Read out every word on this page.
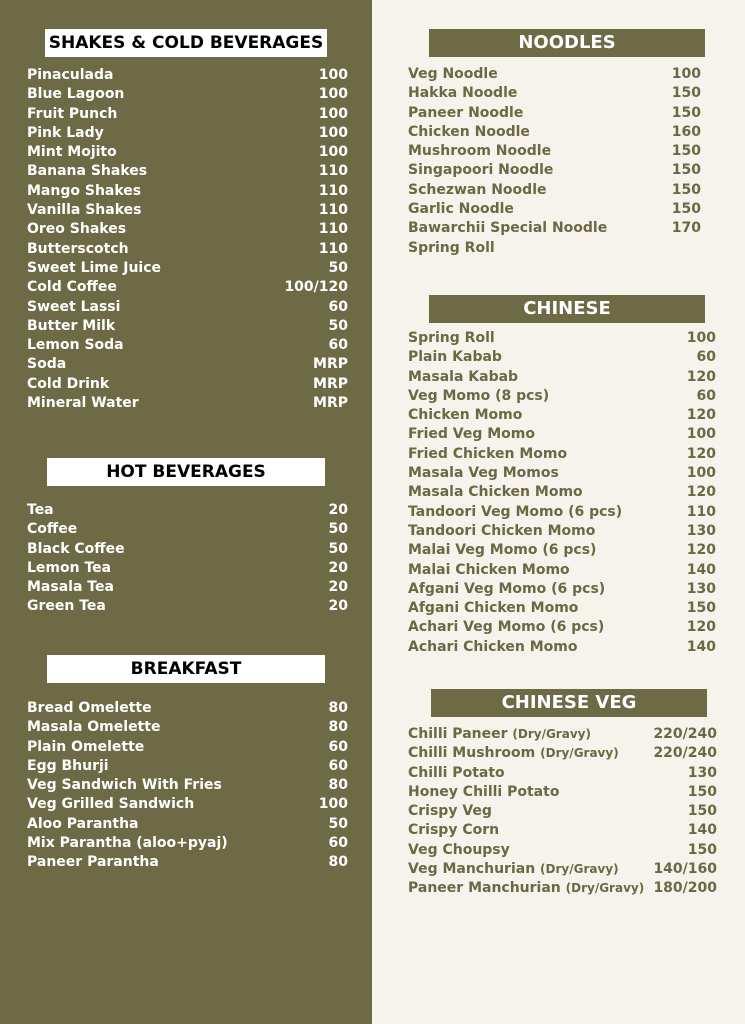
SHAKES & COLD BEVERAGES
Pinaculada	100
Blue Lagoon	100
Fruit Punch	100
Pink Lady	100
Mint Mojito	100
Banana Shakes	110
Mango Shakes	110
Vanilla Shakes	110
Oreo Shakes	110
Butterscotch	110
Sweet Lime Juice	50
Cold Coffee	100/120
Sweet Lassi	60
Butter Milk	50
Lemon Soda	60
Soda	MRP
Cold Drink	MRP
Mineral Water	MRP
HOT BEVERAGES
Tea	20
Coffee	50
Black Coffee	50
Lemon Tea	20
Masala Tea	20
Green Tea	20
BREAKFAST
Bread Omelette	80
Masala Omelette	80
Plain Omelette	60
Egg Bhurji	60
Veg Sandwich With Fries	80
Veg Grilled Sandwich	100
Aloo Parantha	50
Mix Parantha (aloo+pyaj)	60
Paneer Parantha	80
NOODLES
Veg Noodle	100
Hakka Noodle	150
Paneer Noodle	150
Chicken Noodle	160
Mushroom Noodle	150
Singapoori Noodle	150
Schezwan Noodle	150
Garlic Noodle	150
Bawarchii Special Noodle	170
Spring Roll
CHINESE
Spring Roll	100
Plain Kabab	60
Masala Kabab	120
Veg Momo (8 pcs)	60
Chicken Momo	120
Fried Veg Momo	100
Fried Chicken Momo	120
Masala Veg Momos	100
Masala Chicken Momo	120
Tandoori Veg Momo (6 pcs)	110
Tandoori Chicken Momo	130
Malai Veg Momo (6 pcs)	120
Malai Chicken Momo	140
Afgani Veg Momo (6 pcs)	130
Afgani Chicken Momo	150
Achari Veg Momo (6 pcs)	120
Achari Chicken Momo	140
CHINESE VEG
Chilli Paneer (Dry/Gravy)	220/240
Chilli Mushroom (Dry/Gravy) 220/240
Chilli Potato	130
Honey Chilli Potato	150
Crispy Veg	150
Crispy Corn	140
Veg Choupsy	150
Veg Manchurian (Dry/Gravy) 140/160
Paneer Manchurian (Dry/Gravy) 180/200
